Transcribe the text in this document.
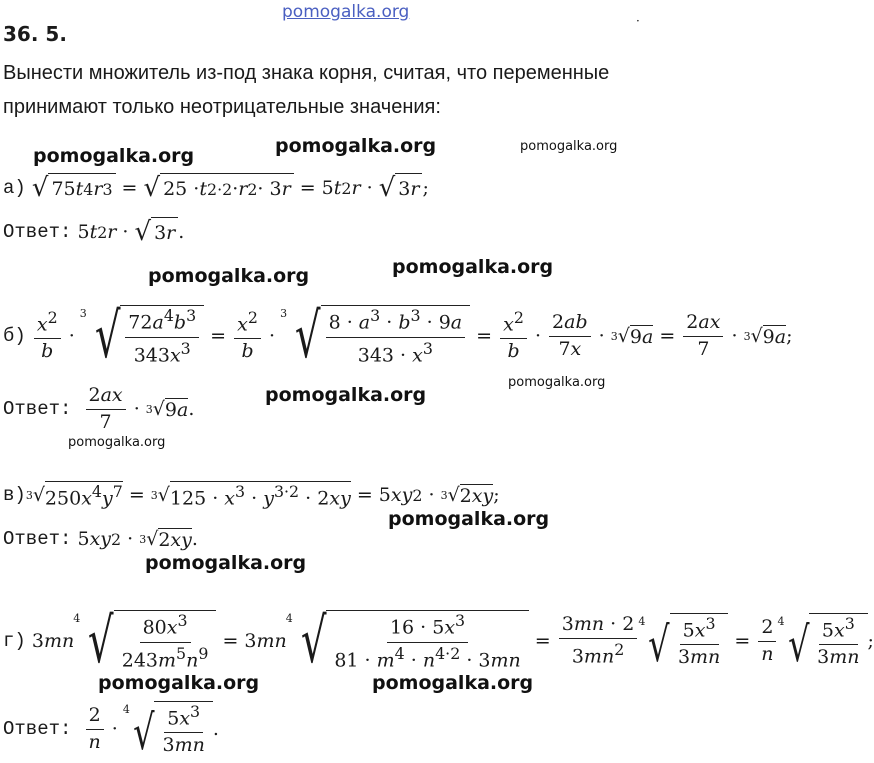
pomogalka.org	·
36. 5.
Вынести множитель из-под знака корня, считая, что переменные
принимают только неотрицательные значения:
pomogalka.org	pomogalka.org	pomogalka.org
pomogalka.org	pomogalka.org
pomogalka.org
pomogalka.org
pomogalka.org
pomogalka.org
pomogalka.org
pomogalka.org	pomogalka.org
а)
√ 75 t 4 r 3 = √ 25 · t 2·2 · r 2 · 3 r = 5 t 2 r · √ 3 r ;
Ответ: 5 t 2 r · √ 3 r .
б)
$\frac{x^2}{b}$ ·
3 √ $\frac{72a^4b^3}{343x^3} = \frac{x^2}{b}$ ·
3 √ $\frac{8 \cdot a^3 \cdot b^3 \cdot 9a}{343 \cdot x^3} = \frac{x^2}{b} \cdot \frac{2ab}{7x} \cdot 3$ √ $9a = \frac{2ax}{7} \cdot 3$ √ 9a ;
Ответ:
$\frac{2ax}{7} \cdot 3$ √ 9a .
в) 3 √ $250x^4y^7 = 3$ √ $125 \cdot x^3 \cdot y^{3\cdot 2} \cdot 2xy = 5$ xy 2 · 3 √ 2xy ;
Ответ: 5 xy 2 · 3 √ 2xy .
г) 3 mn
4 √ $\frac{80x^3}{243m^5n^9} = 3$ mn
4 √ $\frac{16 \cdot 5x^3}{81 \cdot m^4 \cdot n^{4\cdot 2} \cdot 3mn} = \frac{3mn \cdot 2}{3mn^2} 4$ √ $\frac{5x^3}{3mn} = \frac{2}{n} 4$ √ $\frac{5x^3}{3mn}$ ;
Ответ:
$\frac{2}{n}$ ·
4 √ $\frac{5x^3}{3mn}$ .
